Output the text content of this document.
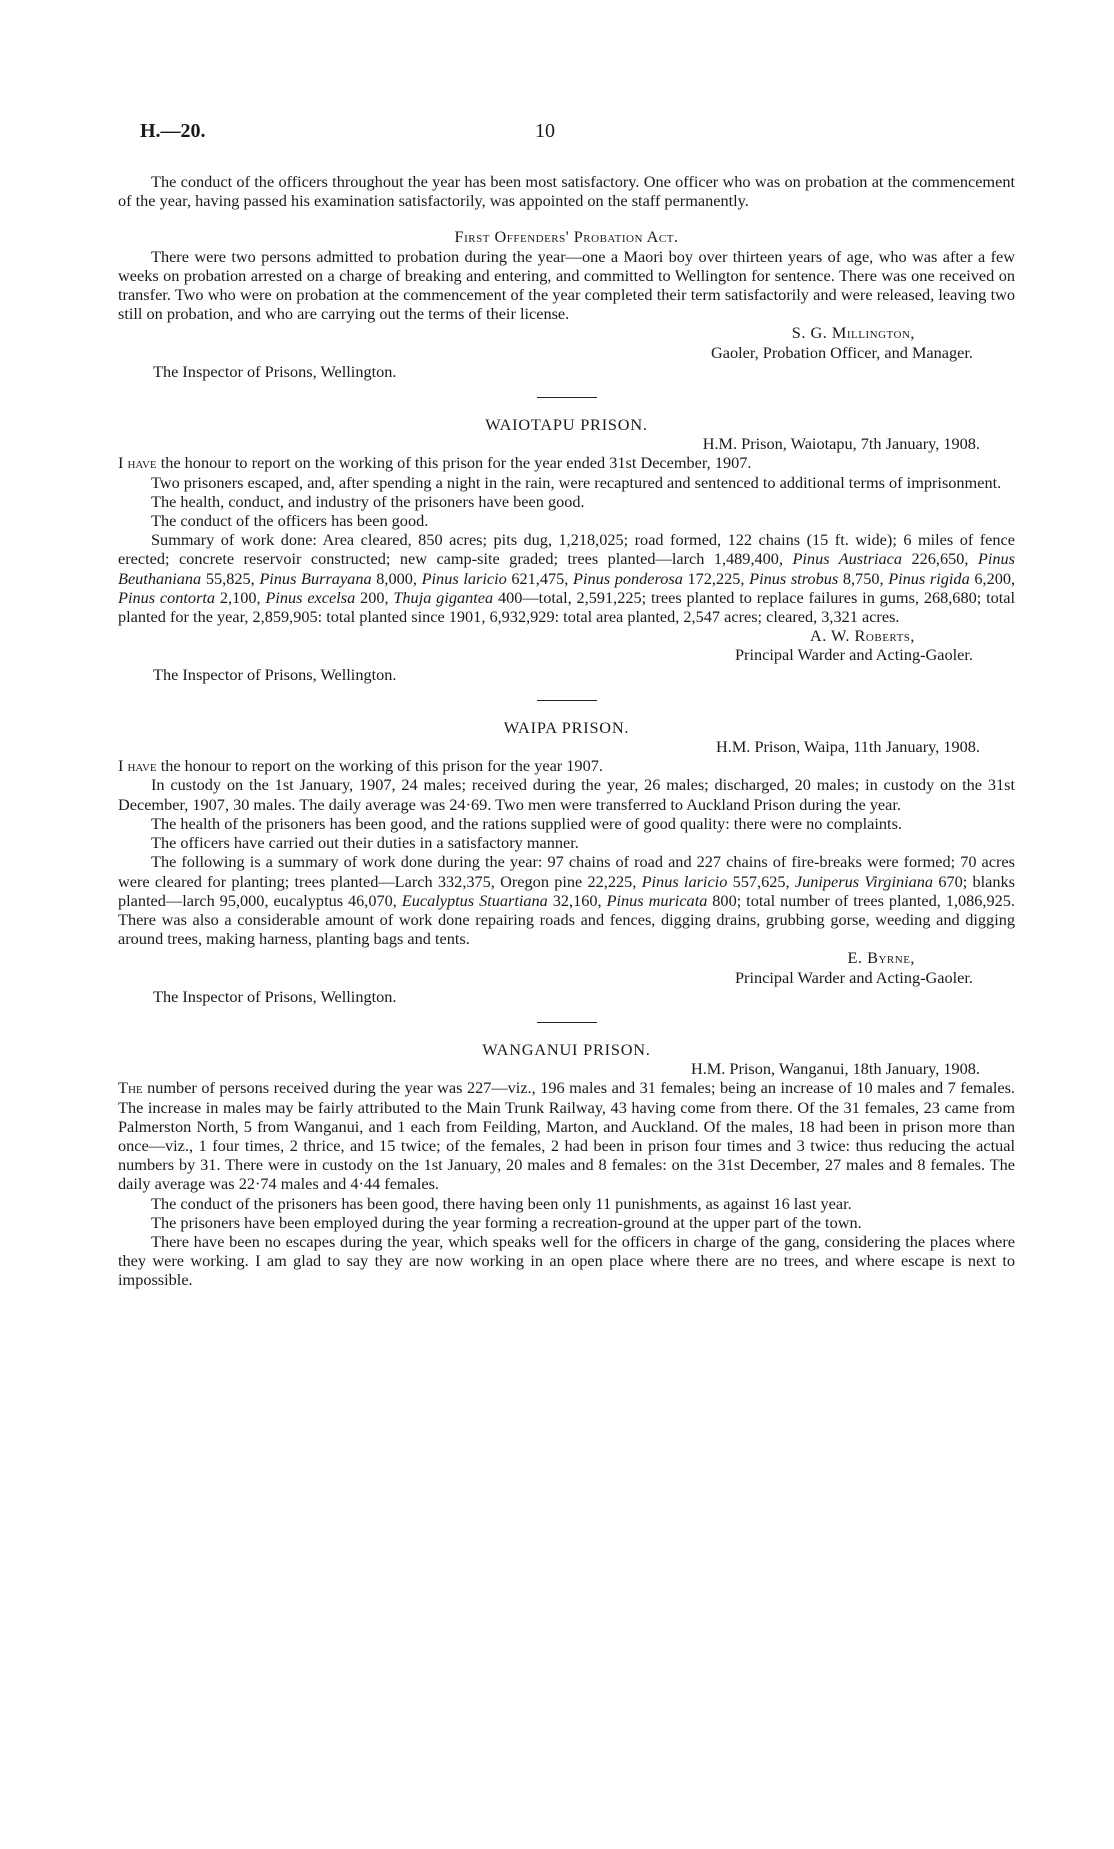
H.—20.	10

The conduct of the officers throughout the year has been most satisfactory. One officer who was on probation at the commencement of the year, having passed his examination satisfactorily, was appointed on the staff permanently.

First Offenders' Probation Act.

There were two persons admitted to probation during the year—one a Maori boy over thirteen years of age, who was after a few weeks on probation arrested on a charge of breaking and entering, and committed to Wellington for sentence. There was one received on transfer. Two who were on probation at the commencement of the year completed their term satisfactorily and were released, leaving two still on probation, and who are carrying out the terms of their license.

S. G. Millington,

Gaoler, Probation Officer, and Manager.

The Inspector of Prisons, Wellington.

WAIOTAPU PRISON.

H.M. Prison, Waiotapu, 7th January, 1908.

I have the honour to report on the working of this prison for the year ended 31st December, 1907.

Two prisoners escaped, and, after spending a night in the rain, were recaptured and sentenced to additional terms of imprisonment.

The health, conduct, and industry of the prisoners have been good.

The conduct of the officers has been good.

Summary of work done: Area cleared, 850 acres; pits dug, 1,218,025; road formed, 122 chains (15 ft. wide); 6 miles of fence erected; concrete reservoir constructed; new camp-site graded; trees planted—larch 1,489,400, Pinus Austriaca 226,650, Pinus Beuthaniana 55,825, Pinus Burrayana 8,000, Pinus laricio 621,475, Pinus ponderosa 172,225, Pinus strobus 8,750, Pinus rigida 6,200, Pinus contorta 2,100, Pinus excelsa 200, Thuja gigantea 400—total, 2,591,225; trees planted to replace failures in gums, 268,680; total planted for the year, 2,859,905: total planted since 1901, 6,932,929: total area planted, 2,547 acres; cleared, 3,321 acres.

A. W. Roberts,

Principal Warder and Acting-Gaoler.

The Inspector of Prisons, Wellington.

WAIPA PRISON.

H.M. Prison, Waipa, 11th January, 1908.

I have the honour to report on the working of this prison for the year 1907.

In custody on the 1st January, 1907, 24 males; received during the year, 26 males; discharged, 20 males; in custody on the 31st December, 1907, 30 males. The daily average was 24·69. Two men were transferred to Auckland Prison during the year.

The health of the prisoners has been good, and the rations supplied were of good quality: there were no complaints.

The officers have carried out their duties in a satisfactory manner.

The following is a summary of work done during the year: 97 chains of road and 227 chains of fire-breaks were formed; 70 acres were cleared for planting; trees planted—Larch 332,375, Oregon pine 22,225, Pinus laricio 557,625, Juniperus Virginiana 670; blanks planted—larch 95,000, eucalyptus 46,070, Eucalyptus Stuartiana 32,160, Pinus muricata 800; total number of trees planted, 1,086,925. There was also a considerable amount of work done repairing roads and fences, digging drains, grubbing gorse, weeding and digging around trees, making harness, planting bags and tents.

E. Byrne,

Principal Warder and Acting-Gaoler.

The Inspector of Prisons, Wellington.

WANGANUI PRISON.

H.M. Prison, Wanganui, 18th January, 1908.

The number of persons received during the year was 227—viz., 196 males and 31 females; being an increase of 10 males and 7 females. The increase in males may be fairly attributed to the Main Trunk Railway, 43 having come from there. Of the 31 females, 23 came from Palmerston North, 5 from Wanganui, and 1 each from Feilding, Marton, and Auckland. Of the males, 18 had been in prison more than once—viz., 1 four times, 2 thrice, and 15 twice; of the females, 2 had been in prison four times and 3 twice: thus reducing the actual numbers by 31. There were in custody on the 1st January, 20 males and 8 females: on the 31st December, 27 males and 8 females. The daily average was 22·74 males and 4·44 females.

The conduct of the prisoners has been good, there having been only 11 punishments, as against 16 last year.

The prisoners have been employed during the year forming a recreation-ground at the upper part of the town.

There have been no escapes during the year, which speaks well for the officers in charge of the gang, considering the places where they were working. I am glad to say they are now working in an open place where there are no trees, and where escape is next to impossible.
